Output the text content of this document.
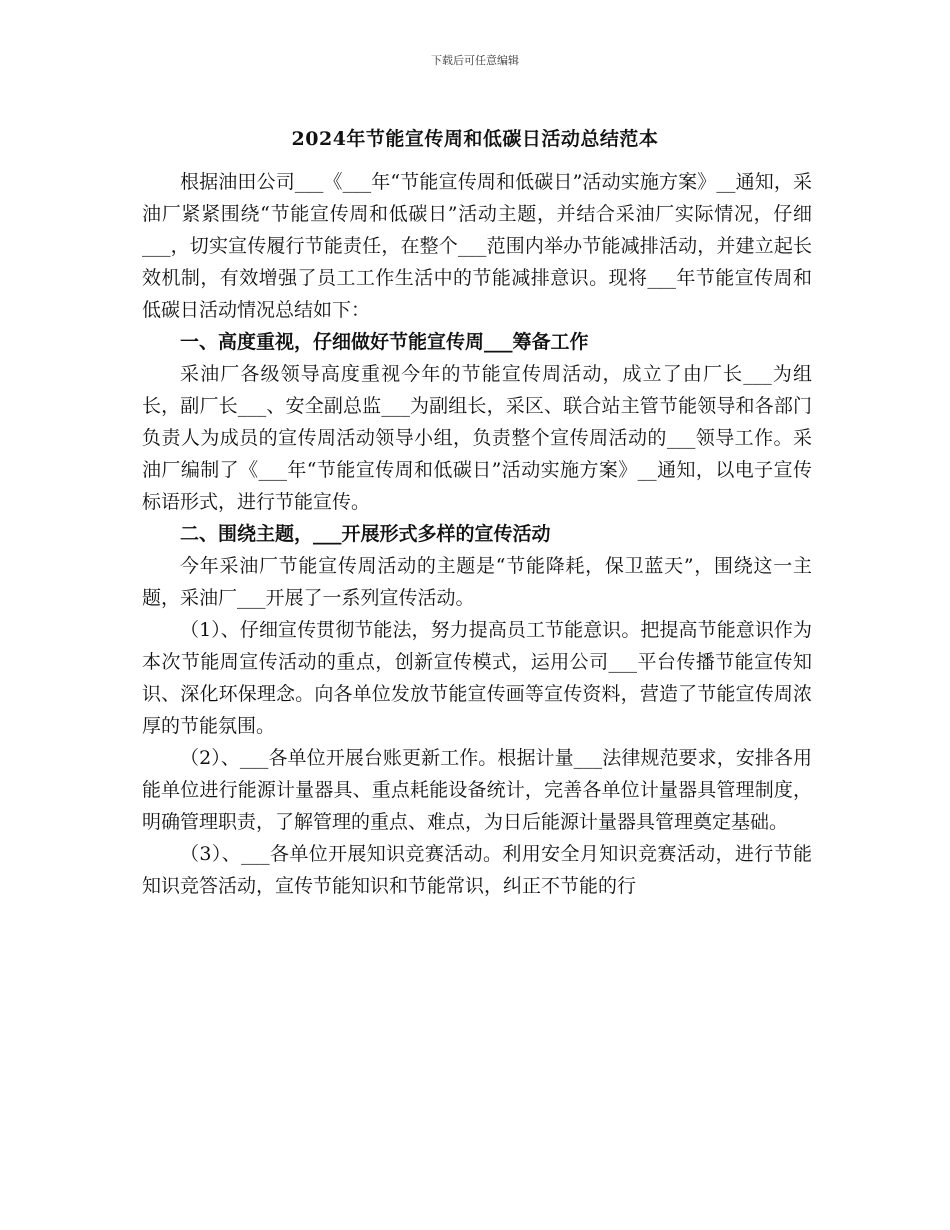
下载后可任意编辑
2024年节能宣传周和低碳日活动总结范本

根据油田公司___《___年“节能宣传周和低碳日”活动实施方案》__通知，采油厂紧紧围绕“节能宣传周和低碳日”活动主题，并结合采油厂实际情况，仔细___，切实宣传履行节能责任，在整个___范围内举办节能减排活动，并建立起长效机制，有效增强了员工工作生活中的节能减排意识。现将___年节能宣传周和低碳日活动情况总结如下：

一、高度重视，仔细做好节能宣传周___筹备工作

采油厂各级领导高度重视今年的节能宣传周活动，成立了由厂长___为组长，副厂长___、安全副总监___为副组长，采区、联合站主管节能领导和各部门负责人为成员的宣传周活动领导小组，负责整个宣传周活动的___领导工作。采油厂编制了《___年“节能宣传周和低碳日”活动实施方案》__通知，以电子宣传标语形式，进行节能宣传。

二、围绕主题，___开展形式多样的宣传活动

今年采油厂节能宣传周活动的主题是“节能降耗，保卫蓝天”，围绕这一主题，采油厂___开展了一系列宣传活动。

（1）、仔细宣传贯彻节能法，努力提高员工节能意识。把提高节能意识作为本次节能周宣传活动的重点，创新宣传模式，运用公司___平台传播节能宣传知识、深化环保理念。向各单位发放节能宣传画等宣传资料，营造了节能宣传周浓厚的节能氛围。

（2）、___各单位开展台账更新工作。根据计量___法律规范要求，安排各用能单位进行能源计量器具、重点耗能设备统计，完善各单位计量器具管理制度，明确管理职责，了解管理的重点、难点，为日后能源计量器具管理奠定基础。

（3）、___各单位开展知识竞赛活动。利用安全月知识竞赛活动，进行节能知识竞答活动，宣传节能知识和节能常识，纠正不节能的行
